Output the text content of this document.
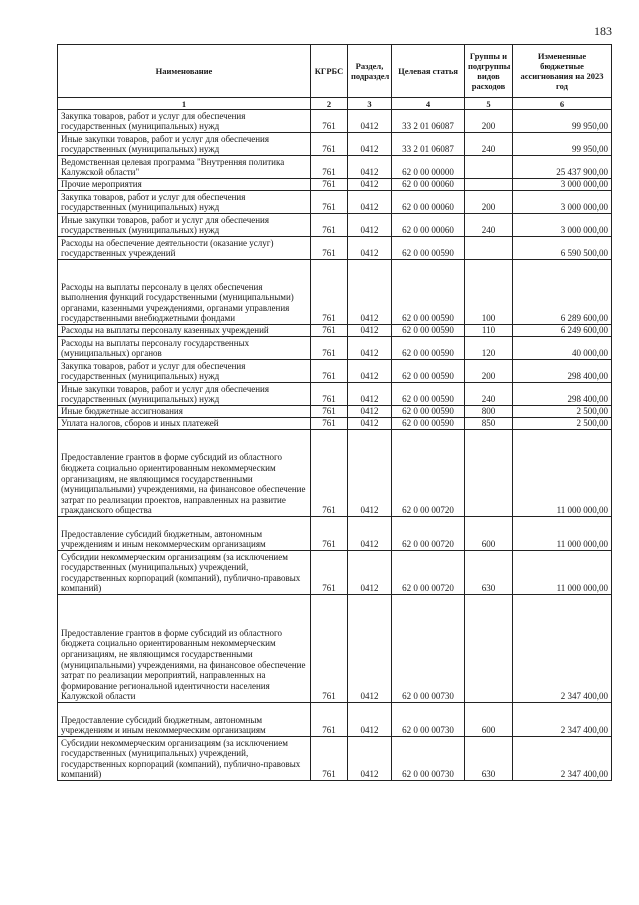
183
Наименование	КГРБС	Раздел, подраздел	Целевая статья	Группы и подгруппы видов расходов	Измененные бюджетные ассигнования на 2023 год
1	2	3	4	5	6
Закупка товаров, работ и услуг для обеспечения государственных (муниципальных) нужд	761	0412	33 2 01 06087	200	99 950,00
Иные закупки товаров, работ и услуг для обеспечения государственных (муниципальных) нужд	761	0412	33 2 01 06087	240	99 950,00
Ведомственная целевая программа "Внутренняя политика Калужской области"	761	0412	62 0 00 00000		25 437 900,00
Прочие мероприятия	761	0412	62 0 00 00060		3 000 000,00
Закупка товаров, работ и услуг для обеспечения государственных (муниципальных) нужд	761	0412	62 0 00 00060	200	3 000 000,00
Иные закупки товаров, работ и услуг для обеспечения государственных (муниципальных) нужд	761	0412	62 0 00 00060	240	3 000 000,00
Расходы на обеспечение деятельности (оказание услуг) государственных учреждений	761	0412	62 0 00 00590		6 590 500,00
Расходы на выплаты персоналу в целях обеспечения выполнения функций государственными (муниципальными) органами, казенными учреждениями, органами управления государственными внебюджетными фондами	761	0412	62 0 00 00590	100	6 289 600,00
Расходы на выплаты персоналу казенных учреждений	761	0412	62 0 00 00590	110	6 249 600,00
Расходы на выплаты персоналу государственных (муниципальных) органов	761	0412	62 0 00 00590	120	40 000,00
Закупка товаров, работ и услуг для обеспечения государственных (муниципальных) нужд	761	0412	62 0 00 00590	200	298 400,00
Иные закупки товаров, работ и услуг для обеспечения государственных (муниципальных) нужд	761	0412	62 0 00 00590	240	298 400,00
Иные бюджетные ассигнования	761	0412	62 0 00 00590	800	2 500,00
Уплата налогов, сборов и иных платежей	761	0412	62 0 00 00590	850	2 500,00
Предоставление грантов в форме субсидий из областного бюджета социально ориентированным некоммерческим организациям, не являющимся государственными (муниципальными) учреждениями, на финансовое обеспечение затрат по реализации проектов, направленных на развитие гражданского общества	761	0412	62 0 00 00720		11 000 000,00
Предоставление субсидий бюджетным, автономным учреждениям и иным некоммерческим организациям	761	0412	62 0 00 00720	600	11 000 000,00
Субсидии некоммерческим организациям (за исключением государственных (муниципальных) учреждений, государственных корпораций (компаний), публично-правовых компаний)	761	0412	62 0 00 00720	630	11 000 000,00
Предоставление грантов в форме субсидий из областного бюджета социально ориентированным некоммерческим организациям, не являющимся государственными (муниципальными) учреждениями, на финансовое обеспечение затрат по реализации мероприятий, направленных на формирование региональной идентичности населения Калужской области	761	0412	62 0 00 00730		2 347 400,00
Предоставление субсидий бюджетным, автономным учреждениям и иным некоммерческим организациям	761	0412	62 0 00 00730	600	2 347 400,00
Субсидии некоммерческим организациям (за исключением государственных (муниципальных) учреждений, государственных корпораций (компаний), публично-правовых компаний)	761	0412	62 0 00 00730	630	2 347 400,00
